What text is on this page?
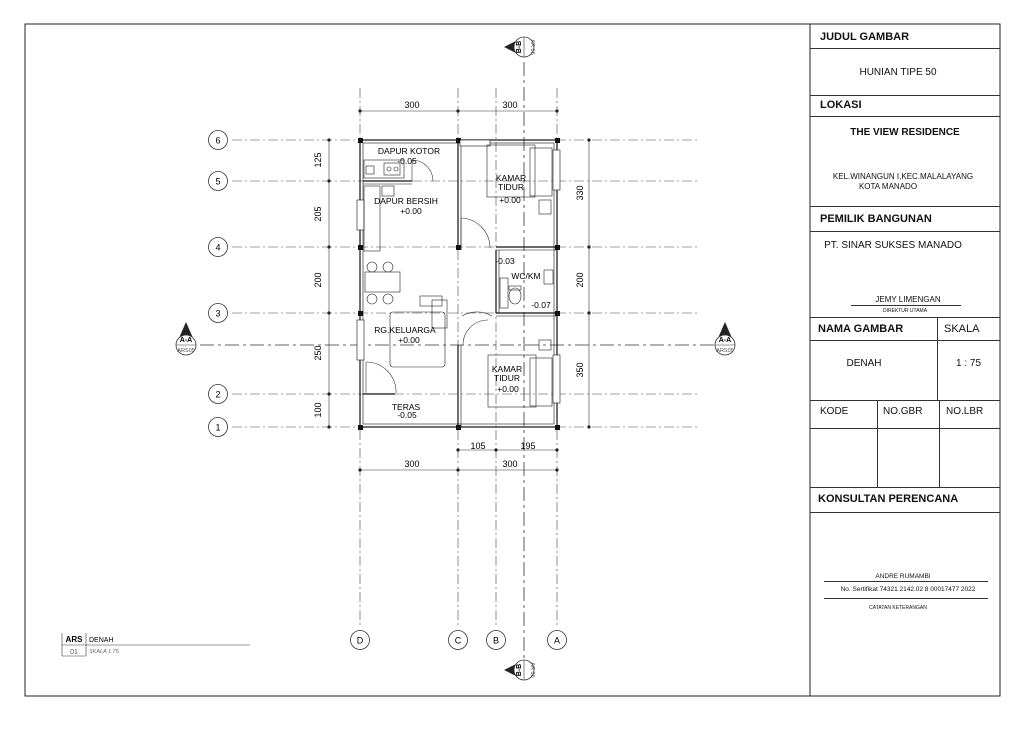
300	300
105	195
300	300
125
205
200
250
100
330
200
350
6
5
4
3
2
1
D	C	B	A
A-A
ARS05
A-A
ARS05
B-B AR 05
B-B AR 05
DAPUR KOTOR
-0.05
DAPUR BERSIH
+0.00
KAMAR
TIDUR
+0.00
WC/KM
-0.03
-0.07
RG.KELUARGA
+0.00
KAMAR
TIDUR
+0.00
TERAS
-0.05
ARS DENAH
01 SKALA 1:75
JUDUL GAMBAR
HUNIAN TIPE 50
LOKASI
THE VIEW RESIDENCE
KEL.WINANGUN I,KEC.MALALAYANG
KOTA MANADO
PEMILIK BANGUNAN
PT. SINAR SUKSES MANADO
JEMY LIMENGAN
DIREKTUR UTAMA
NAMA GAMBAR	SKALA
DENAH	1 : 75
KODE	NO.GBR NO.LBR
KONSULTAN PERENCANA
ANDRE RUMAMBI
No. Sertifikat 74321 2142.02 8 00017477 2022
CATATAN KETERANGAN
